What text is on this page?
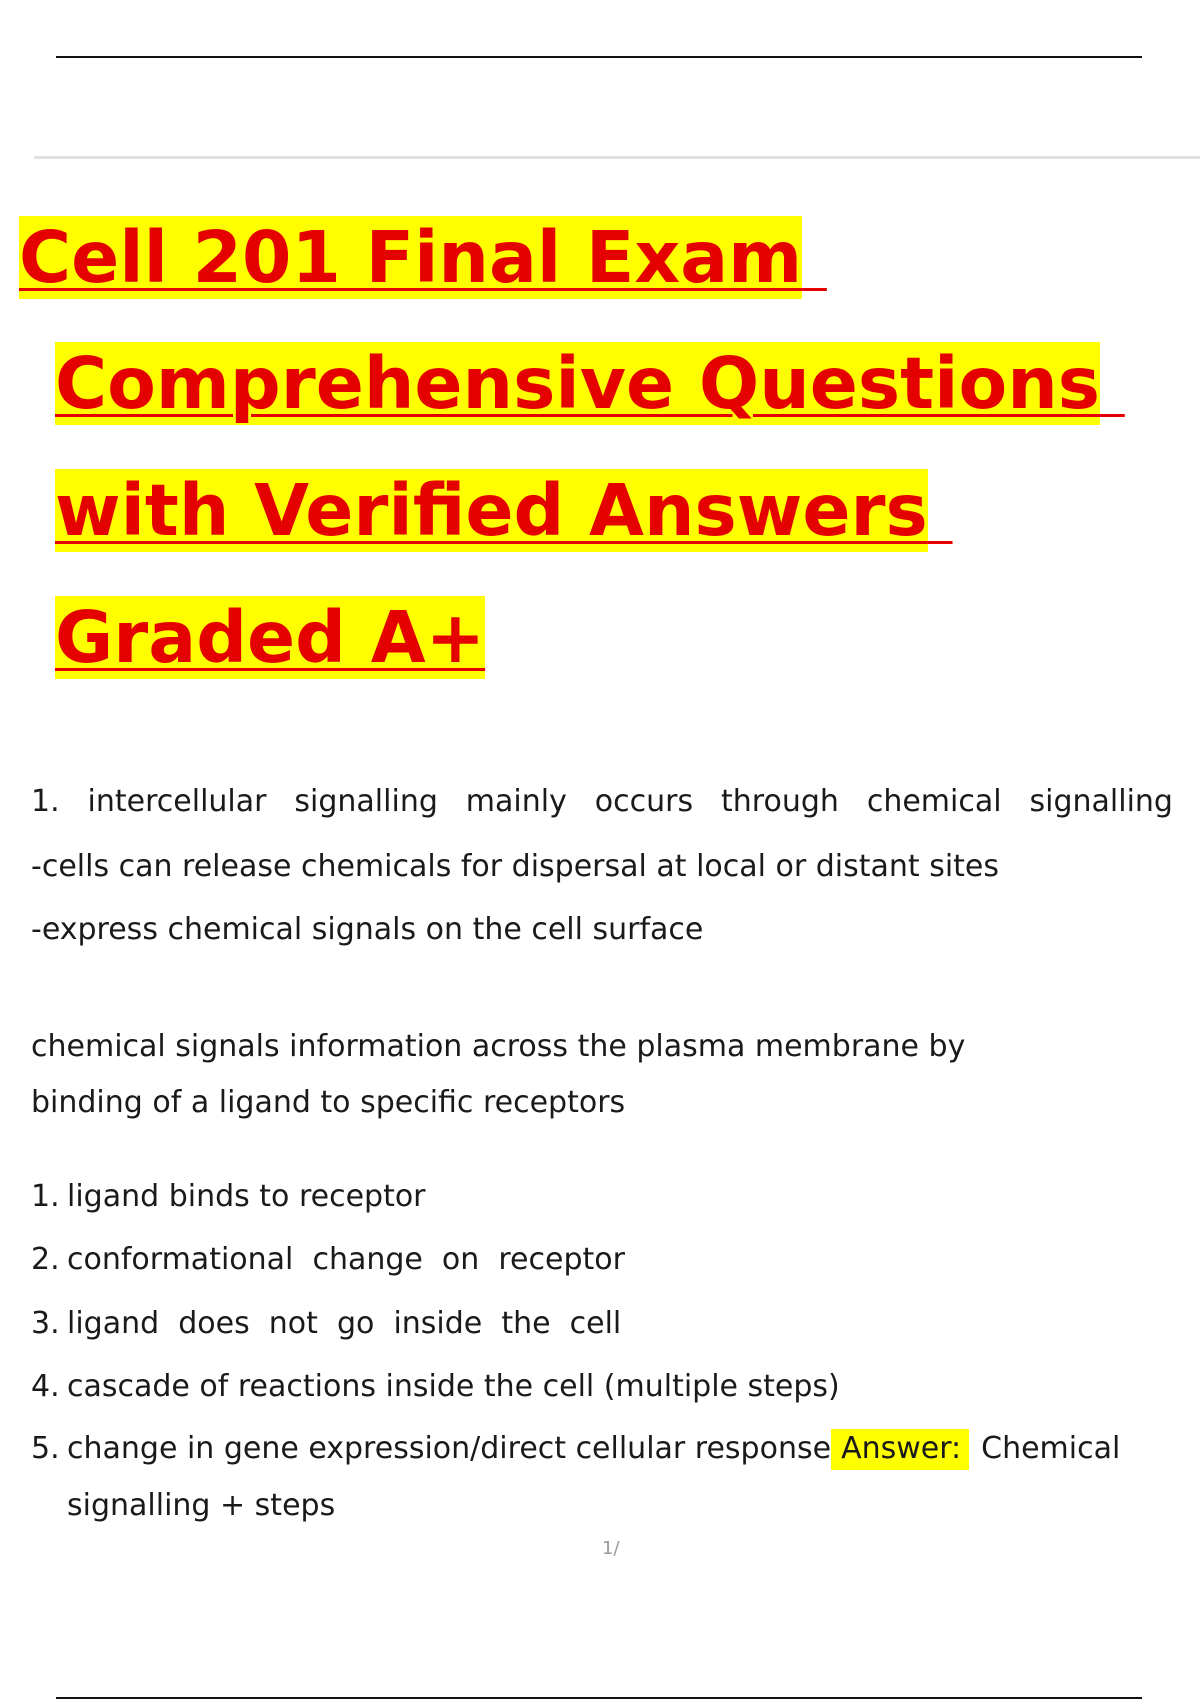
Cell 201 Final Exam
Comprehensive Questions
with Verified Answers
Graded A+
1. intercellular signalling mainly occurs through chemical signalling
-cells can release chemicals for dispersal at local or distant sites
-express chemical signals on the cell surface
chemical signals information across the plasma membrane by
binding of a ligand to specific receptors
1. ligand binds to receptor
2. conformational  change  on  receptor
3. ligand  does  not  go  inside  the  cell
4. cascade of reactions inside the cell (multiple steps)
5. change in gene expression/direct cellular response Answer: Chemical
signalling + steps
1/
